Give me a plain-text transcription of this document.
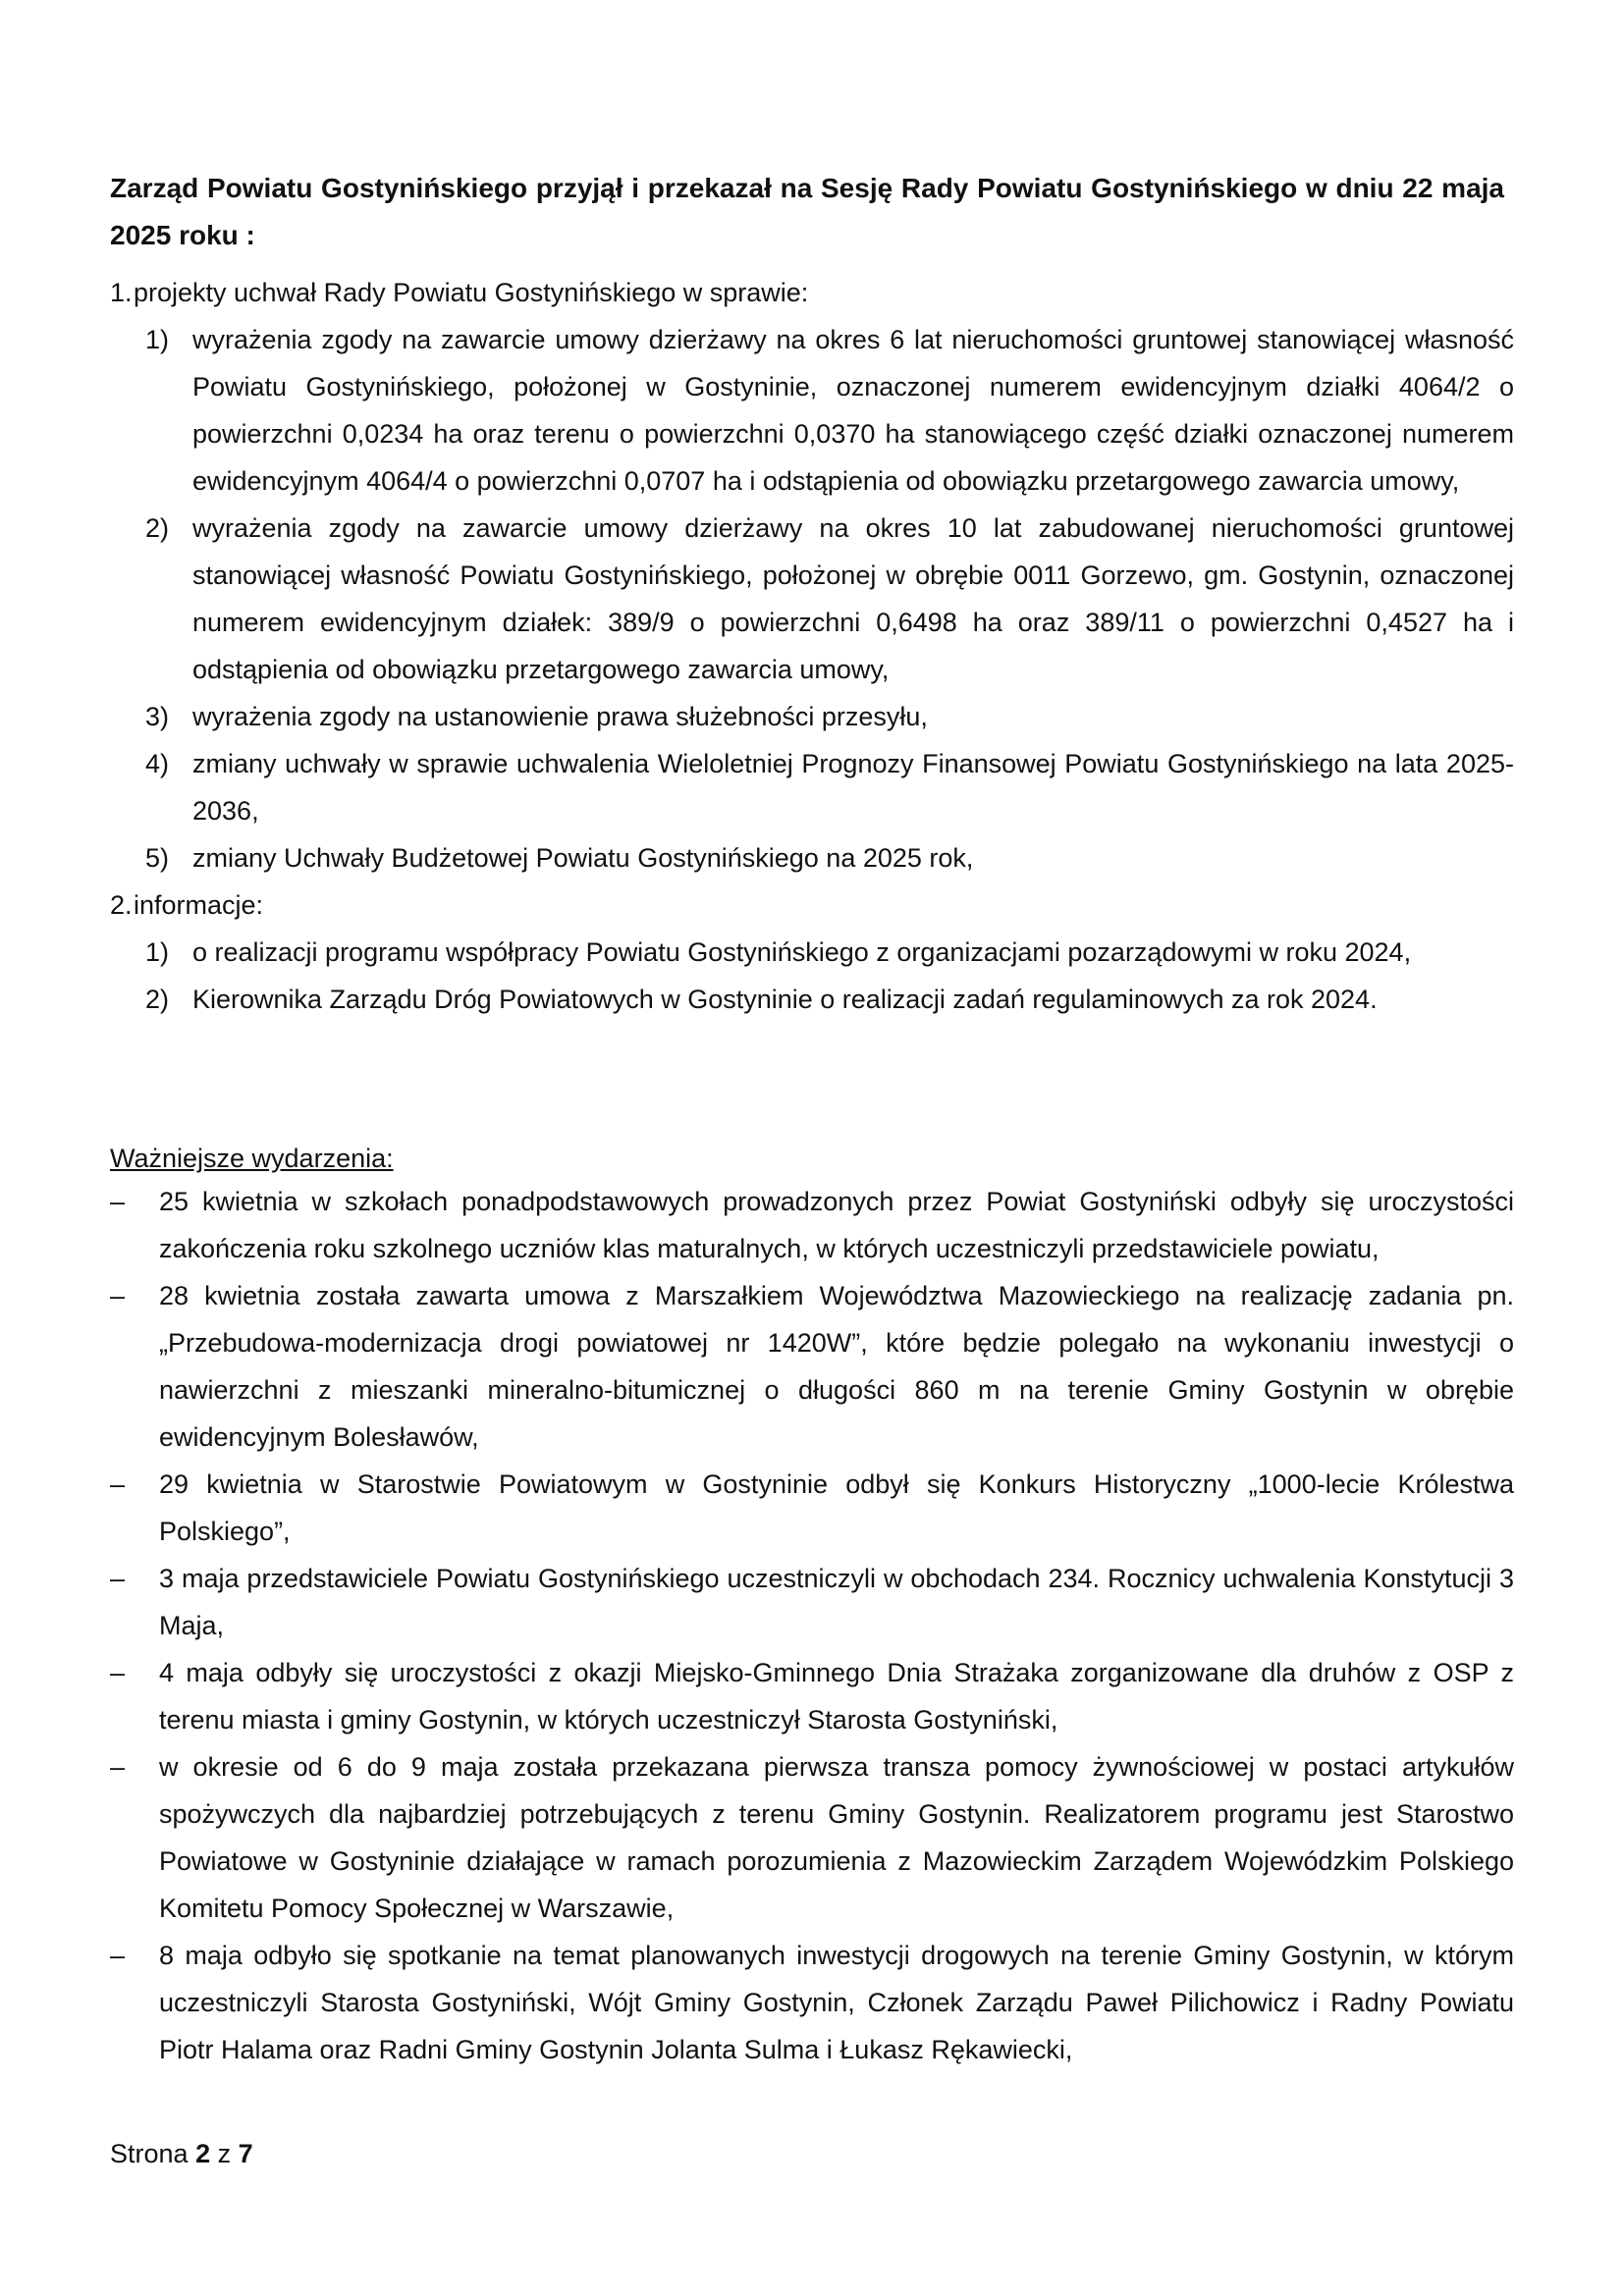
Zarząd Powiatu Gostynińskiego przyjął i przekazał na Sesję Rady Powiatu Gostynińskiego w dniu 22 maja 2025 roku :
1. projekty uchwał Rady Powiatu Gostynińskiego w sprawie:
1) wyrażenia zgody na zawarcie umowy dzierżawy na okres 6 lat nieruchomości gruntowej stanowiącej własność Powiatu Gostynińskiego, położonej w Gostyninie, oznaczonej numerem ewidencyjnym działki 4064/2 o powierzchni 0,0234 ha oraz terenu o powierzchni 0,0370 ha stanowiącego część działki oznaczonej numerem ewidencyjnym 4064/4 o powierzchni 0,0707 ha i odstąpienia od obowiązku przetargowego zawarcia umowy,
2) wyrażenia zgody na zawarcie umowy dzierżawy na okres 10 lat zabudowanej nieruchomości gruntowej stanowiącej własność Powiatu Gostynińskiego, położonej w obrębie 0011 Gorzewo, gm. Gostynin, oznaczonej numerem ewidencyjnym działek: 389/9 o powierzchni 0,6498 ha oraz 389/11 o powierzchni 0,4527 ha i odstąpienia od obowiązku przetargowego zawarcia umowy,
3) wyrażenia zgody na ustanowienie prawa służebności przesyłu,
4) zmiany uchwały w sprawie uchwalenia Wieloletniej Prognozy Finansowej Powiatu Gostynińskiego na lata 2025-2036,
5) zmiany Uchwały Budżetowej Powiatu Gostynińskiego na 2025 rok,
2. informacje:
1) o realizacji programu współpracy Powiatu Gostynińskiego z organizacjami pozarządowymi w roku 2024,
2) Kierownika Zarządu Dróg Powiatowych w Gostyninie o realizacji zadań regulaminowych za rok 2024.
Ważniejsze wydarzenia:
–	25 kwietnia w szkołach ponadpodstawowych prowadzonych przez Powiat Gostyniński odbyły się uroczystości zakończenia roku szkolnego uczniów klas maturalnych, w których uczestniczyli przedstawiciele powiatu,
–	28 kwietnia została zawarta umowa z Marszałkiem Województwa Mazowieckiego na realizację zadania pn. „Przebudowa-modernizacja drogi powiatowej nr 1420W”, które będzie polegało na wykonaniu inwestycji o nawierzchni z mieszanki mineralno-bitumicznej o długości 860 m na terenie Gminy Gostynin w obrębie ewidencyjnym Bolesławów,
–	29 kwietnia w Starostwie Powiatowym w Gostyninie odbył się Konkurs Historyczny „1000-lecie Królestwa Polskiego”,
–	3 maja przedstawiciele Powiatu Gostynińskiego uczestniczyli w obchodach 234. Rocznicy uchwalenia Konstytucji 3 Maja,
–	4 maja odbyły się uroczystości z okazji Miejsko-Gminnego Dnia Strażaka zorganizowane dla druhów z OSP z terenu miasta i gminy Gostynin, w których uczestniczył Starosta Gostyniński,
–	w okresie od 6 do 9 maja została przekazana pierwsza transza pomocy żywnościowej w postaci artykułów spożywczych dla najbardziej potrzebujących z terenu Gminy Gostynin. Realizatorem programu jest Starostwo Powiatowe w Gostyninie działające w ramach porozumienia z Mazowieckim Zarządem Wojewódzkim Polskiego Komitetu Pomocy Społecznej w Warszawie,
–	8 maja odbyło się spotkanie na temat planowanych inwestycji drogowych na terenie Gminy Gostynin, w którym uczestniczyli Starosta Gostyniński, Wójt Gminy Gostynin, Członek Zarządu Paweł Pilichowicz i Radny Powiatu Piotr Halama oraz Radni Gminy Gostynin Jolanta Sulma i Łukasz Rękawiecki,
Strona 2 z 7
